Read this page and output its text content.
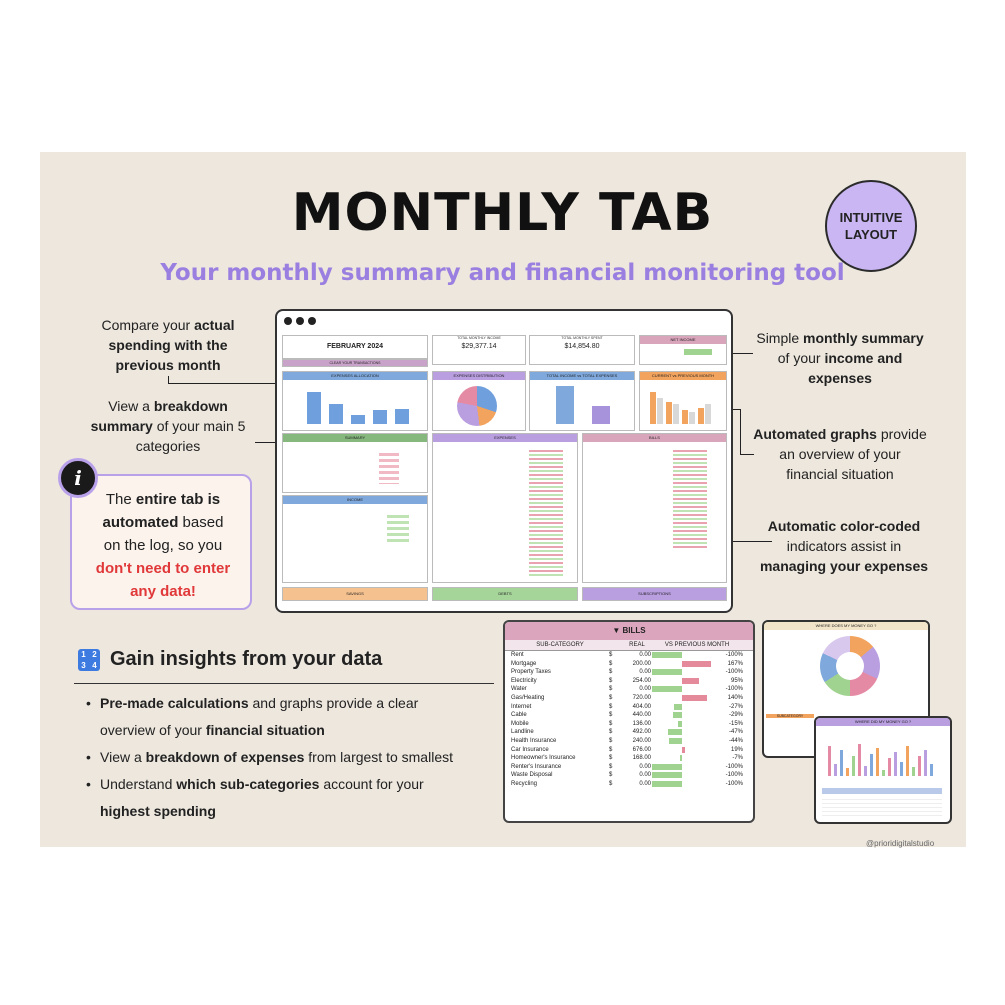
MONTHLY TAB
Your monthly summary and financial monitoring tool
INTUITIVE
LAYOUT
Compare your actual
spending with the
previous month
View a breakdown
summary of your main 5
categories
Simple monthly summary
of your income and
expenses
Automated graphs provide
an overview of your
financial situation
Automatic color-coded
indicators assist in
managing your expenses
FEBRUARY 2024
CLEAR YOUR TRANSACTIONS
TOTAL MONTHLY INCOME
$29,377.14
TOTAL MONTHLY SPENT
$14,854.80
NET INCOME
EXPENSES ALLOCATION	EXPENSES DISTRIBUTION	TOTAL INCOME vs TOTAL EXPENSES	CURRENT vs PREVIOUS MONTH
SUMMARY
INCOME
EXPENSES	BILLS
SAVINGS	DEBTS	SUBSCRIPTIONS
The entire tab is
automated based
on the log, so you
don't need to enter
any data!
i
1 2
3 4 Gain insights from your data
• Pre-made calculations and graphs provide a clear
overview of your financial situation
• View a breakdown of expenses from largest to smallest
• Understand which sub-categories account for your
highest spending
▼ BILLS
SUB-CATEGORY	REAL	VS PREVIOUS MONTH
Rent	$	0.00	-100%
Mortgage	$	200.00	167%
Property Taxes	$	0.00	-100%
Electricity	$	254.00	95%
Water	$	0.00	-100%
Gas/Heating	$	720.00	140%
Internet	$	404.00	-27%
Cable	$	440.00	-29%
Mobile	$	136.00	-15%
Landline	$	492.00	-47%
Health Insurance	$	240.00	-44%
Car Insurance	$	676.00	19%
Homeowner's Insurance	$	168.00	-7%
Renter's Insurance	$	0.00	-100%
Waste Disposal	$	0.00	-100%
Recycling	$	0.00	-100%
WHERE DOES MY MONEY GO ?
SUBCATEGORY
WHERE DID MY MONEY GO ?
@prioridigitalstudio
